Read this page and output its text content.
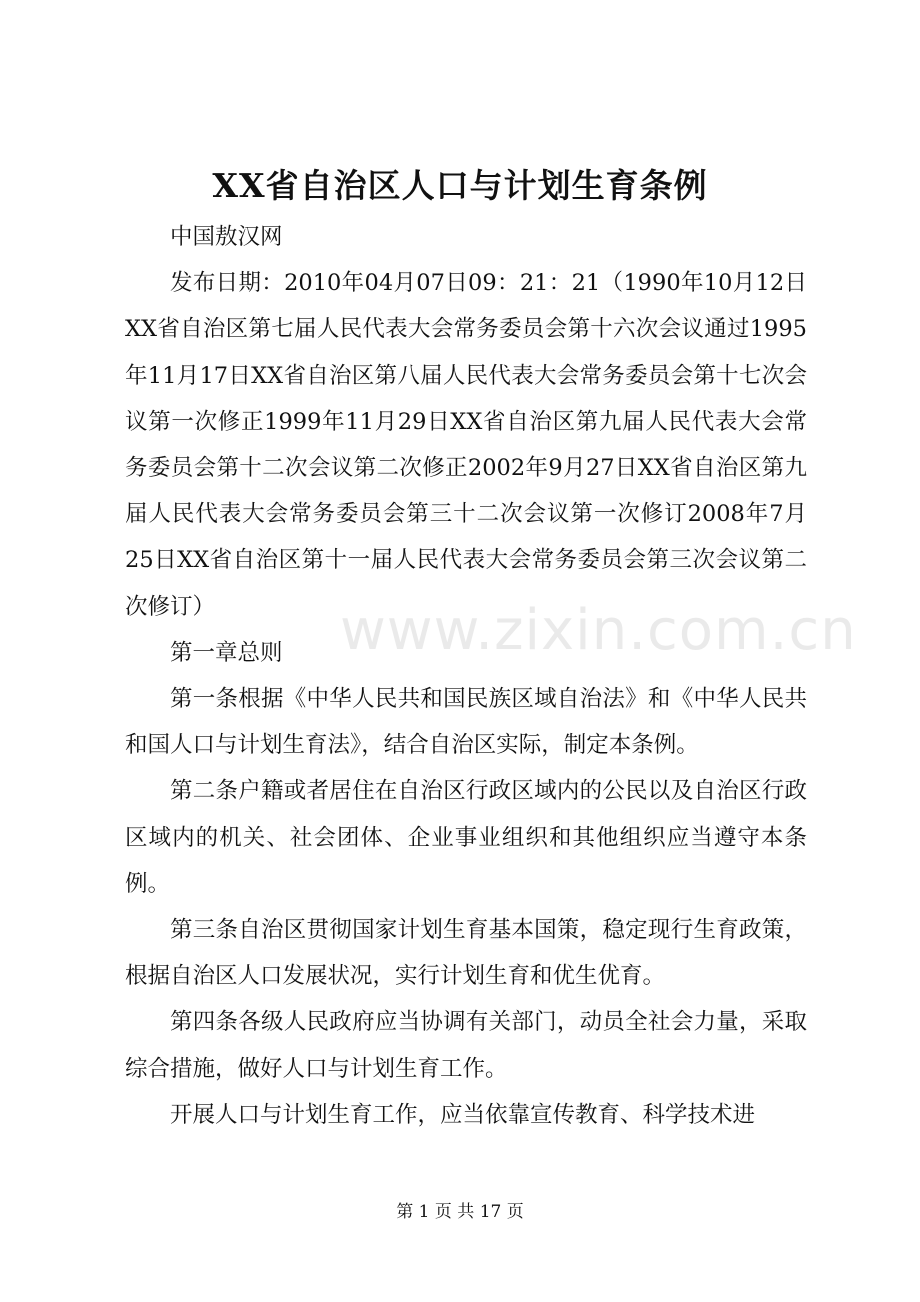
XX省自治区人口与计划生育条例

中国敖汉网

发布日期：2010年04月07日09：21：21（1990年10月12日XX省自治区第七届人民代表大会常务委员会第十六次会议通过1995年11月17日XX省自治区第八届人民代表大会常务委员会第十七次会议第一次修正1999年11月29日XX省自治区第九届人民代表大会常务委员会第十二次会议第二次修正2002年9月27日XX省自治区第九届人民代表大会常务委员会第三十二次会议第一次修订2008年7月25日XX省自治区第十一届人民代表大会常务委员会第三次会议第二次修订）

第一章总则

第一条根据《中华人民共和国民族区域自治法》和《中华人民共和国人口与计划生育法》，结合自治区实际，制定本条例。

第二条户籍或者居住在自治区行政区域内的公民以及自治区行政区域内的机关、社会团体、企业事业组织和其他组织应当遵守本条例。

第三条自治区贯彻国家计划生育基本国策，稳定现行生育政策，根据自治区人口发展状况，实行计划生育和优生优育。

第四条各级人民政府应当协调有关部门，动员全社会力量，采取综合措施，做好人口与计划生育工作。

开展人口与计划生育工作，应当依靠宣传教育、科学技术进

www.zixin.com.cn
第 1 页 共 17 页
